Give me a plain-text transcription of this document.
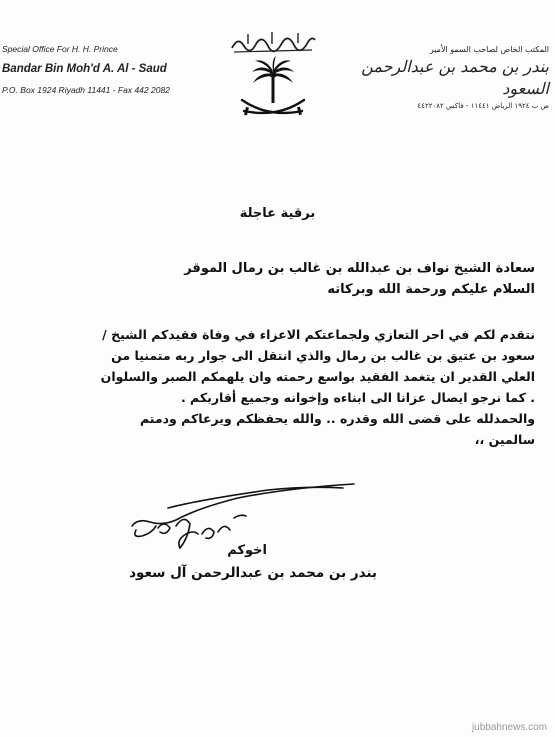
Special Office For H. H. Prince

Bandar Bin Moh'd A. Al - Saud

P.O. Box 1924 Riyadh 11441 - Fax 442 2082

المكتب الخاص لصاحب السمو الأمير

بندر بن محمد بن عبدالرحمن السعود

ص ب ١٩٢٤ الرياض ١١٤٤١ - فاكس ٤٤٢٢٠٨٢

برقية عاجلة

سعادة الشيخ نواف بن عبدالله بن غالب بن رمال الموقر

السلام عليكم ورحمة الله وبركاته

نتقدم لكم في احر التعازي ولجماعتكم الاعزاء في وفاة فقيدكم الشيخ /

سعود بن عتيق بن غالب بن رمال والذي انتقل الى جوار ربه متمنيا من

العلي القدير ان يتغمد الفقيد بواسع رحمته وان يلهمكم الصبر والسلوان

. كما نرجو ايصال عزانا الى ابناءه وإخوانه وجميع أقاربكم .

والحمدلله على قضى الله وقدره .. والله يحفظكم ويرعاكم ودمتم

سالمين ،،

اخوكم

بندر بن محمد بن عبدالرحمن آل سعود

jubbahnews.com
